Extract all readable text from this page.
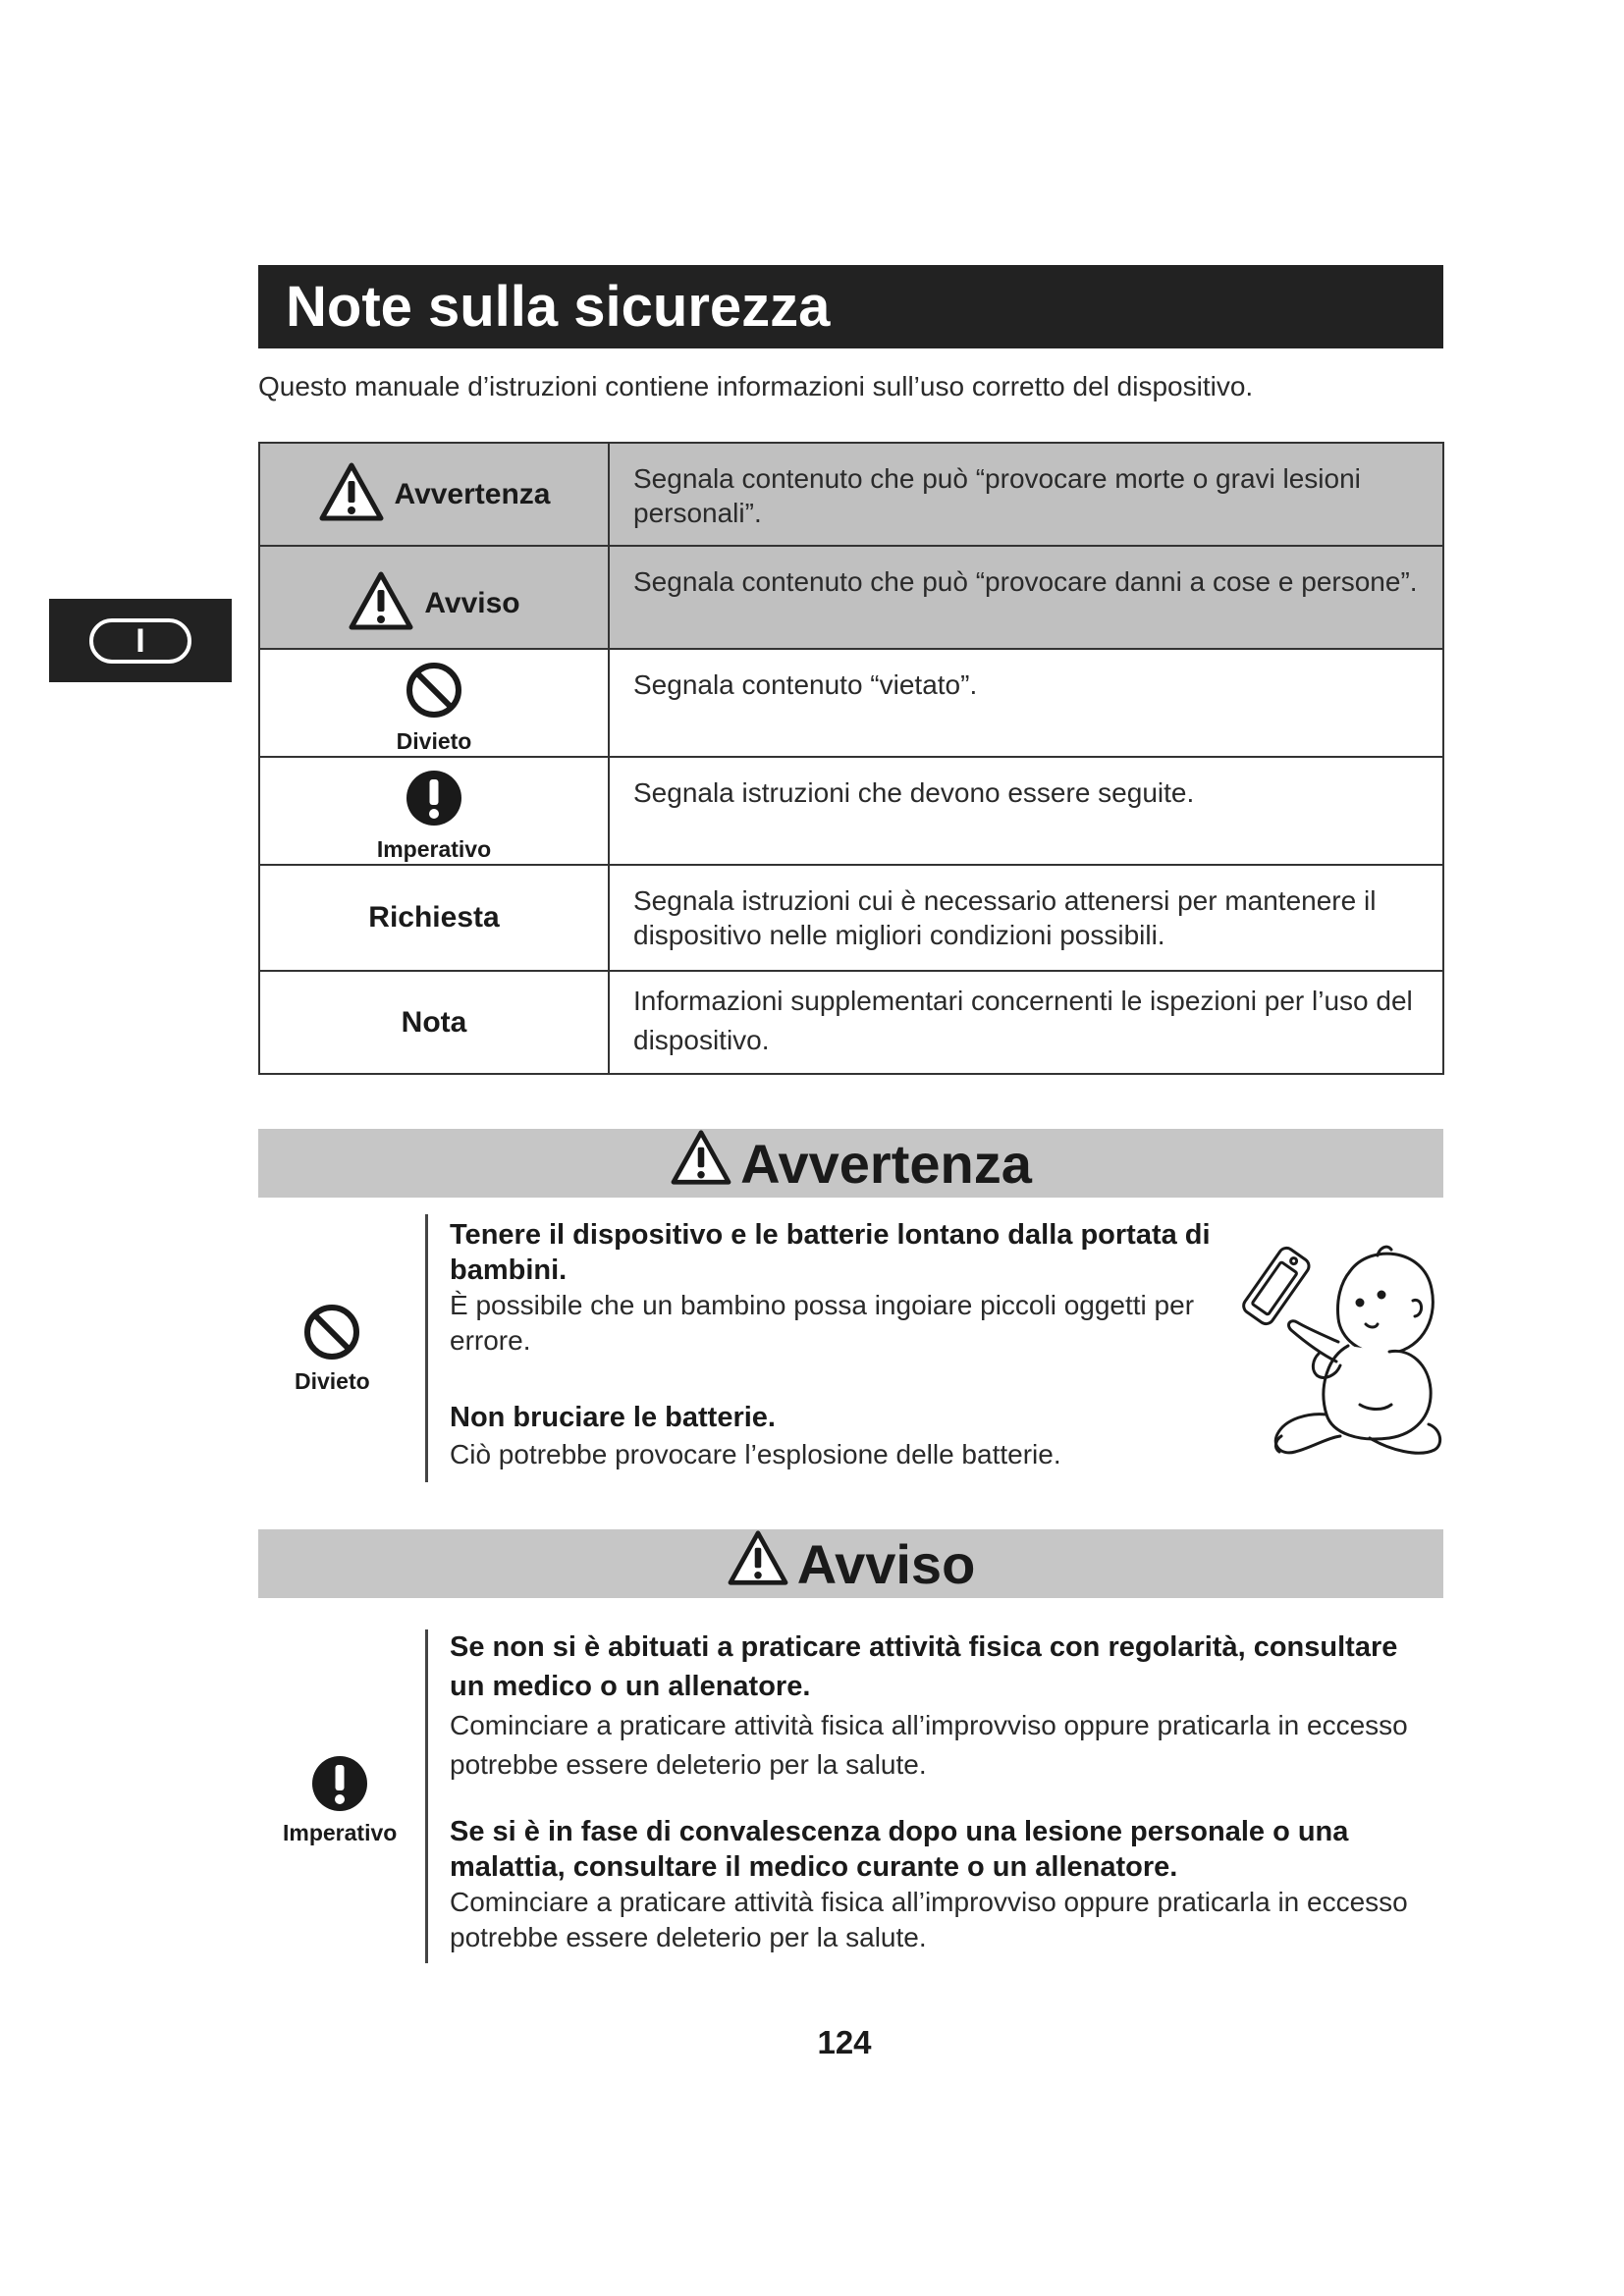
Note sulla sicurezza
Questo manuale d’istruzioni contiene informazioni sull’uso corretto del dispositivo.
I
Avvertenza	Segnala contenuto che può “provocare morte o gravi lesioni personali”.

Avviso	Segnala contenuto che può “provocare danni a cose e persone”.

Divieto	Segnala contenuto “vietato”.

Imperativo	Segnala istruzioni che devono essere seguite.
Richiesta	Segnala istruzioni cui è necessario attenersi per mantenere il dispositivo nelle migliori condizioni possibili.
Nota	Informazioni supplementari concernenti le ispezioni per l’uso del dispositivo.
Avvertenza
Divieto
Tenere il dispositivo e le batterie lontano dalla portata di bambini.
È possibile che un bambino possa ingoiare piccoli oggetti per errore.
Non bruciare le batterie.
Ciò potrebbe provocare l’esplosione delle batterie.
Avviso
Imperativo
Se non si è abituati a praticare attività fisica con regolarità, consultare un medico o un allenatore.
Cominciare a praticare attività fisica all’improvviso oppure praticarla in eccesso potrebbe essere deleterio per la salute.
Se si è in fase di convalescenza dopo una lesione personale o una malattia, consultare il medico curante o un allenatore.
Cominciare a praticare attività fisica all’improvviso oppure praticarla in eccesso potrebbe essere deleterio per la salute.
124
